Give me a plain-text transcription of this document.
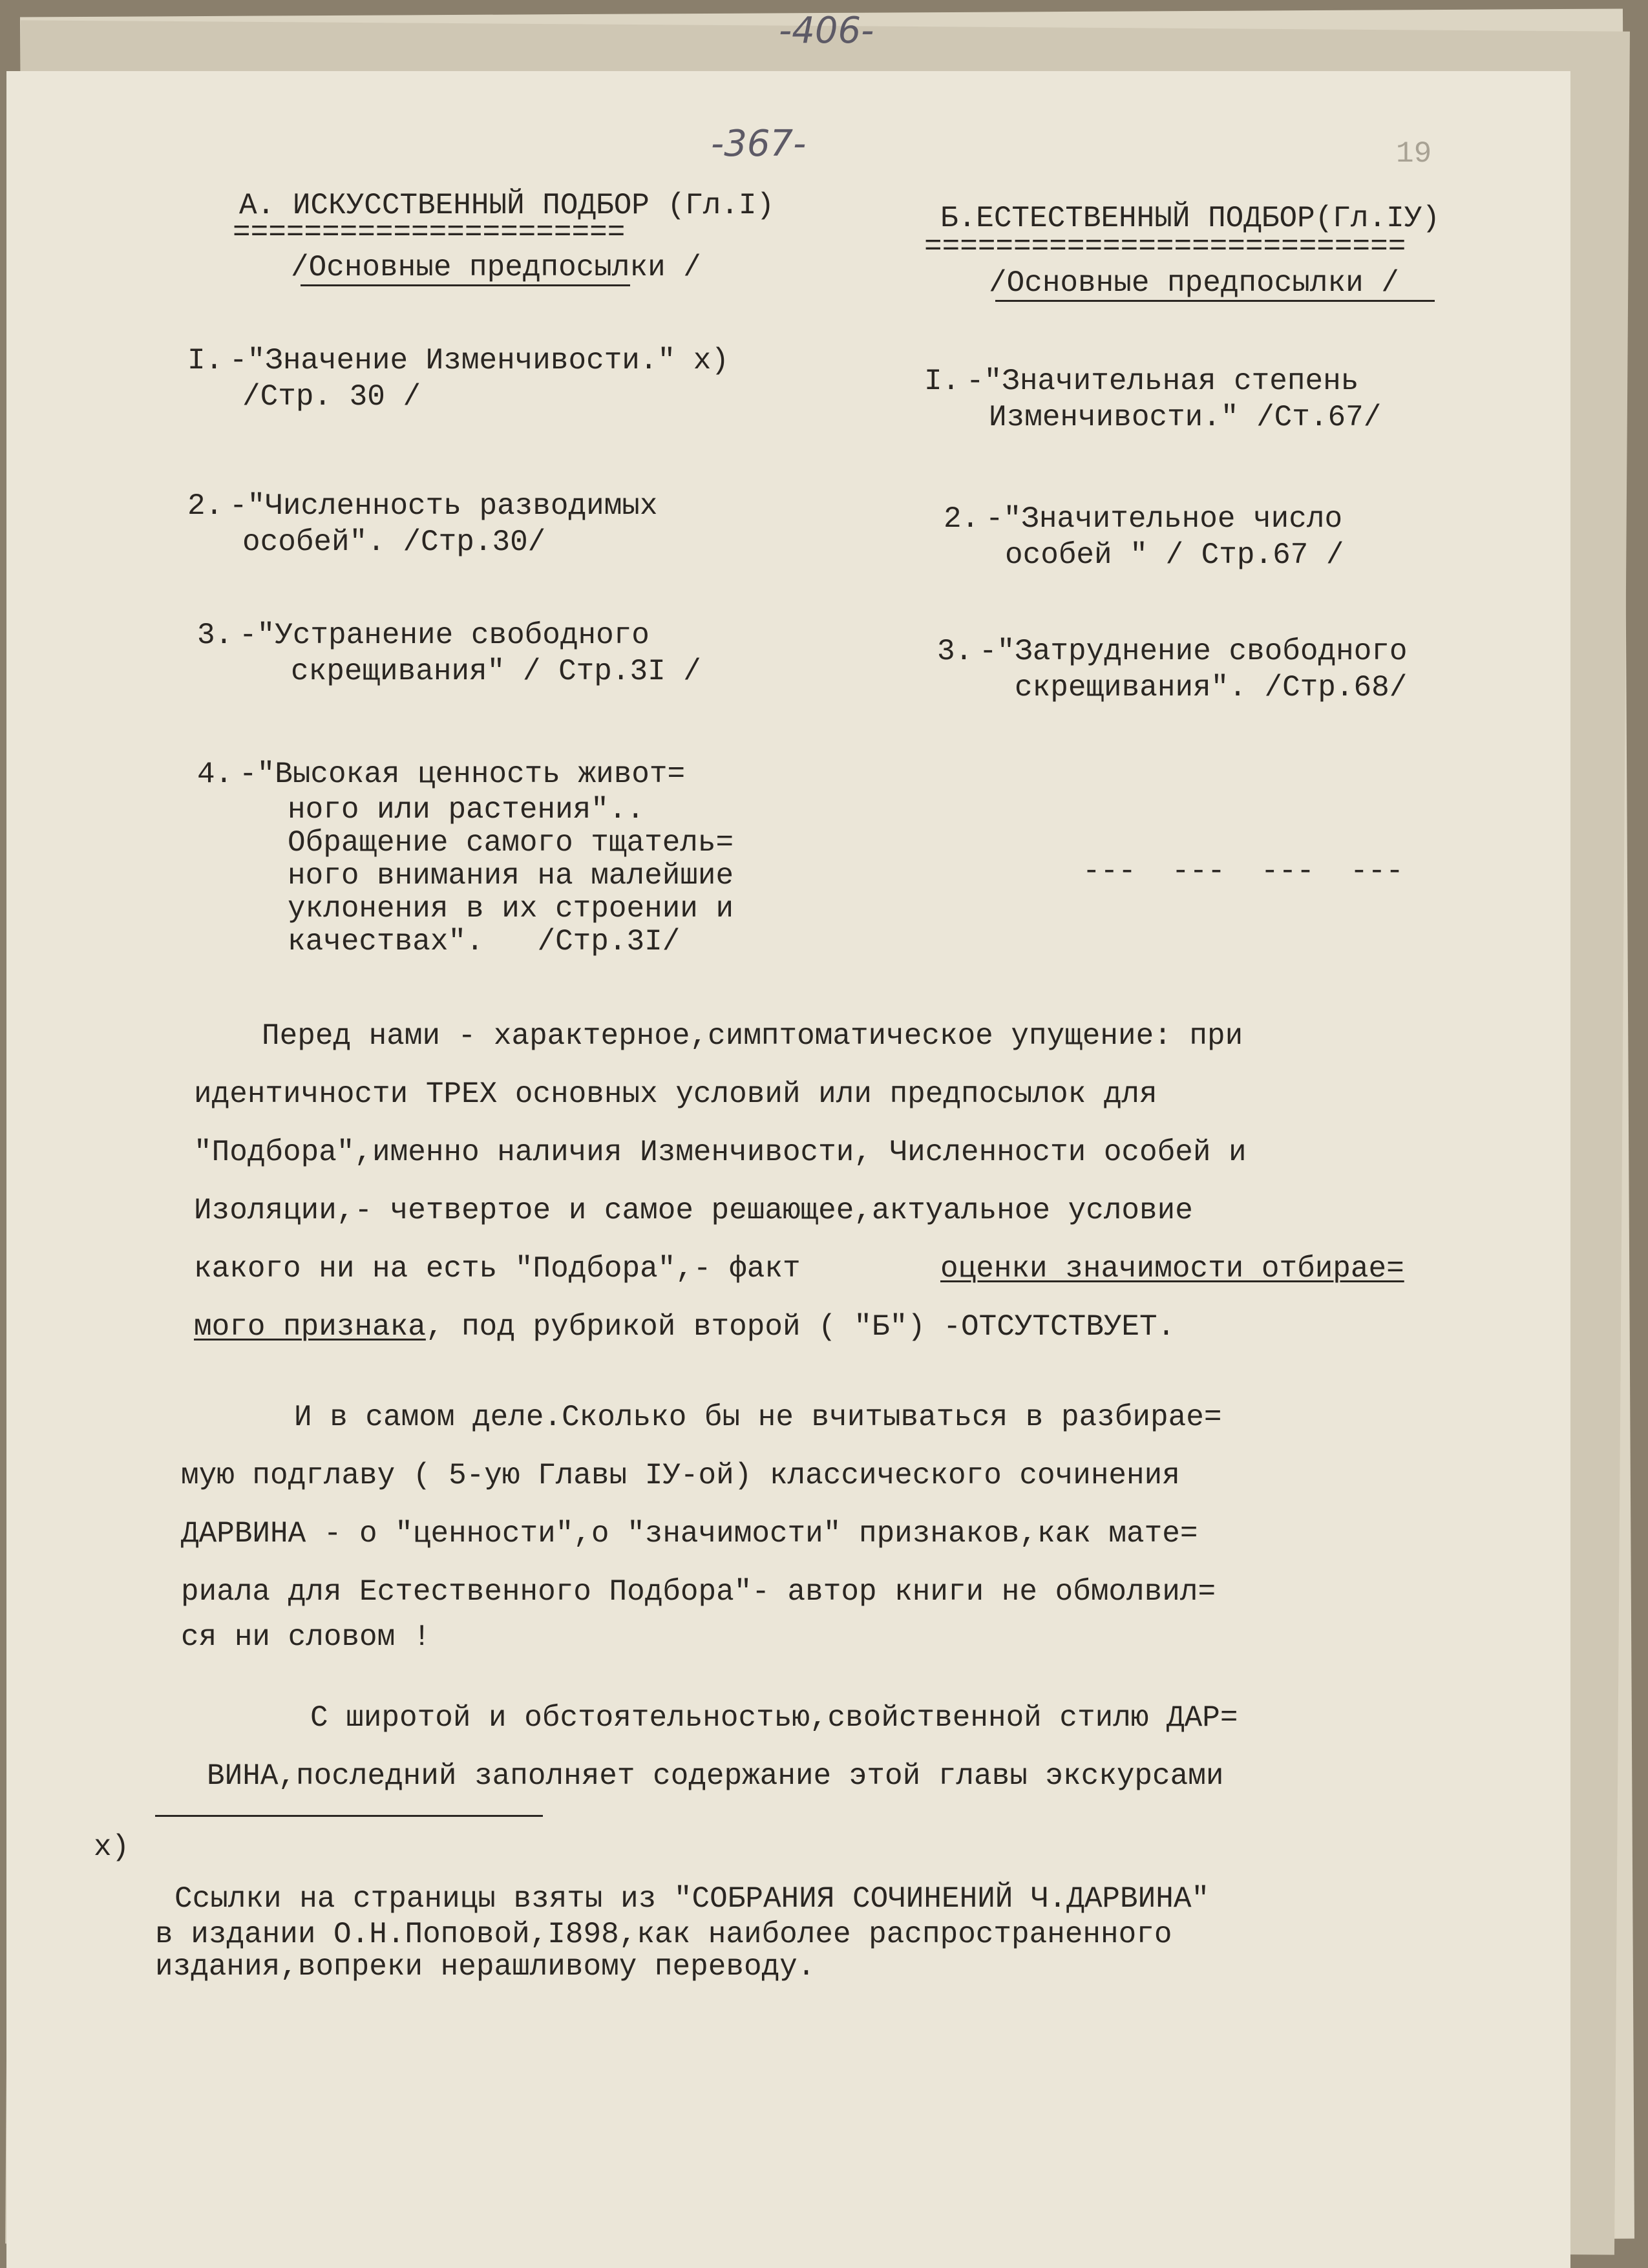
-406-
-367-	19
А. ИСКУССТВЕННЫЙ ПОДБОР (Гл.I)
======================
/Основные предпосылки /
I. -"Значение Изменчивости." х)
/Стр. 30 /
2. -"Численность разводимых
особей". /Стр.30/
3. -"Устранение свободного
скрещивания" / Стр.3I /
4. -"Высокая ценность живот=
ного или растения"..
Обращение самого тщатель=
ного внимания на малейшие
уклонения в их строении и
качествах".   /Стр.3I/
Б.ЕСТЕСТВЕННЫЙ ПОДБОР(Гл.IУ)
===========================
/Основные предпосылки /
I. -"Значительная степень
Изменчивости." /Ст.67/
2. -"Значительное число
особей " / Стр.67 /
3. -"Затруднение свободного
скрещивания". /Стр.68/
---  ---  ---  ---
Перед нами - характерное,симптоматическое упущение: при
идентичности ТРЕХ основных условий или предпосылок для
"Подбора",именно наличия Изменчивости, Численности особей и
Изоляции,- четвертое и самое решающее,актуальное условие
какого ни на есть "Подбора",- факт	оценки значимости отбирае=
мого признака, под рубрикой второй ( "Б") -ОТСУТСТВУЕТ.
И в самом деле.Сколько бы не вчитываться в разбирае=
мую подглаву ( 5-ую Главы IУ-ой) классического сочинения
ДАРВИНА - о "ценности",о "значимости" признаков,как мате=
риала для Естественного Подбора"- автор книги не обмолвил=
ся ни словом !
С широтой и обстоятельностью,свойственной стилю ДАР=
ВИНА,последний заполняет содержание этой главы экскурсами
х)
Ссылки на страницы взяты из "СОБРАНИЯ СОЧИНЕНИЙ Ч.ДАРВИНА"
в издании О.Н.Поповой,I898,как наиболее распространенного
издания,вопреки нерашливому переводу.
